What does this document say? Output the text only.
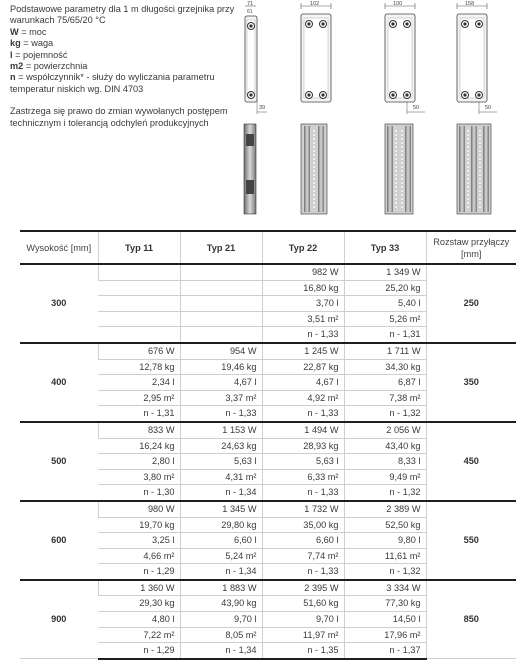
Podstawowe parametry dla 1 m długości grzejnika przy warunkach 75/65/20 °C

W = moc

kg = waga

l = pojemność

m2 = powierzchnia

n = współczynnik* - służy do wyliczania parametru temperatur niskich wg. DIN 4703

Zastrzega się prawo do zmian wywołanych postępem technicznym i tolerancją odchyleń produkcyjnych

71
61
39
102	100
50
158
50
Wysokość [mm]	Typ 11	Typ 21	Typ 22	Typ 33	Rozstaw przyłączy [mm]
300			982 W	1 349 W	250
			16,80 kg	25,20 kg	
			3,70 l	5,40 l	
			3,51 m²	5,26 m²	
			n - 1,33	n - 1,31	
400	676 W	954 W	1 245 W	1 711 W	350
	12,78 kg	19,46 kg	22,87 kg	34,30 kg	
	2,34 l	4,67 l	4,67 l	6,87 l	
	2,95 m²	3,37 m²	4,92 m²	7,38 m²	
	n - 1,31	n - 1,33	n - 1,33	n - 1,32	
500	833 W	1 153 W	1 494 W	2 056 W	450
	16,24 kg	24,63 kg	28,93 kg	43,40 kg	
	2,80 l	5,63 l	5,63 l	8,33 l	
	3,80 m²	4,31 m²	6,33 m²	9,49 m²	
	n - 1,30	n - 1,34	n - 1,33	n - 1,32	
600	980 W	1 345 W	1 732 W	2 389 W	550
	19,70 kg	29,80 kg	35,00 kg	52,50 kg	
	3,25 l	6,60 l	6,60 l	9,80 l	
	4,66 m²	5,24 m²	7,74 m²	11,61 m²	
	n - 1,29	n - 1,34	n - 1,33	n - 1,32	
900	1 360 W	1 883 W	2 395 W	3 334 W	850
	29,30 kg	43,90 kg	51,60 kg	77,30 kg	
	4,80 l	9,70 l	9,70 l	14,50 l	
	7,22 m²	8,05 m²	11,97 m²	17,96 m²	
	n - 1,29	n - 1,34	n - 1,35	n - 1,37	
